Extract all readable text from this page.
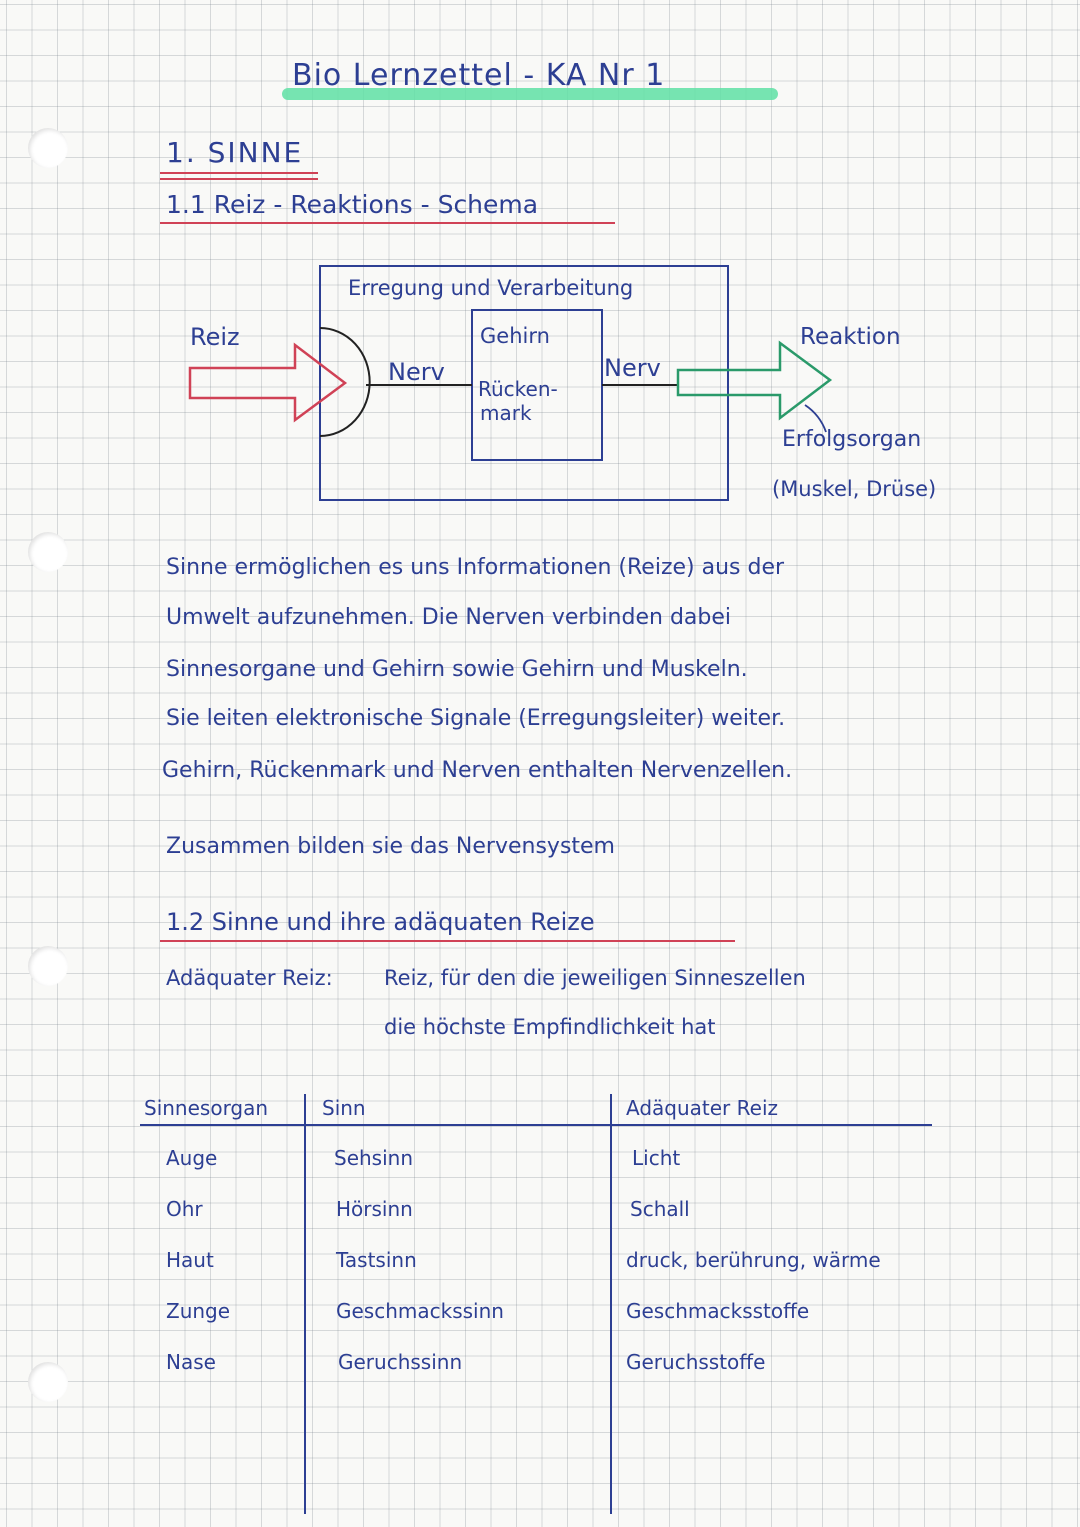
Bio Lernzettel - KA Nr 1
1. SINNE
1.1 Reiz - Reaktions - Schema
Erregung und Verarbeitung
Reiz
Nerv	Nerv
Gehirn
Rücken-
mark
Reaktion
Erfolgsorgan
(Muskel, Drüse)
Sinne ermöglichen es uns Informationen (Reize) aus der
Umwelt aufzunehmen. Die Nerven verbinden dabei
Sinnesorgane und Gehirn sowie Gehirn und Muskeln.
Sie leiten elektronische Signale (Erregungsleiter) weiter.
Gehirn, Rückenmark und Nerven enthalten Nervenzellen.
Zusammen bilden sie das Nervensystem
1.2 Sinne und ihre adäquaten Reize
Adäquater Reiz: Reiz, für den die jeweiligen Sinneszellen
die höchste Empfindlichkeit hat
Sinnesorgan	Sinn	Adäquater Reiz
Auge	Sehsinn	Licht
Ohr	Hörsinn	Schall
Haut	Tastsinn	druck, berührung, wärme
Zunge	Geschmackssinn	Geschmacksstoffe
Nase	Geruchssinn	Geruchsstoffe
